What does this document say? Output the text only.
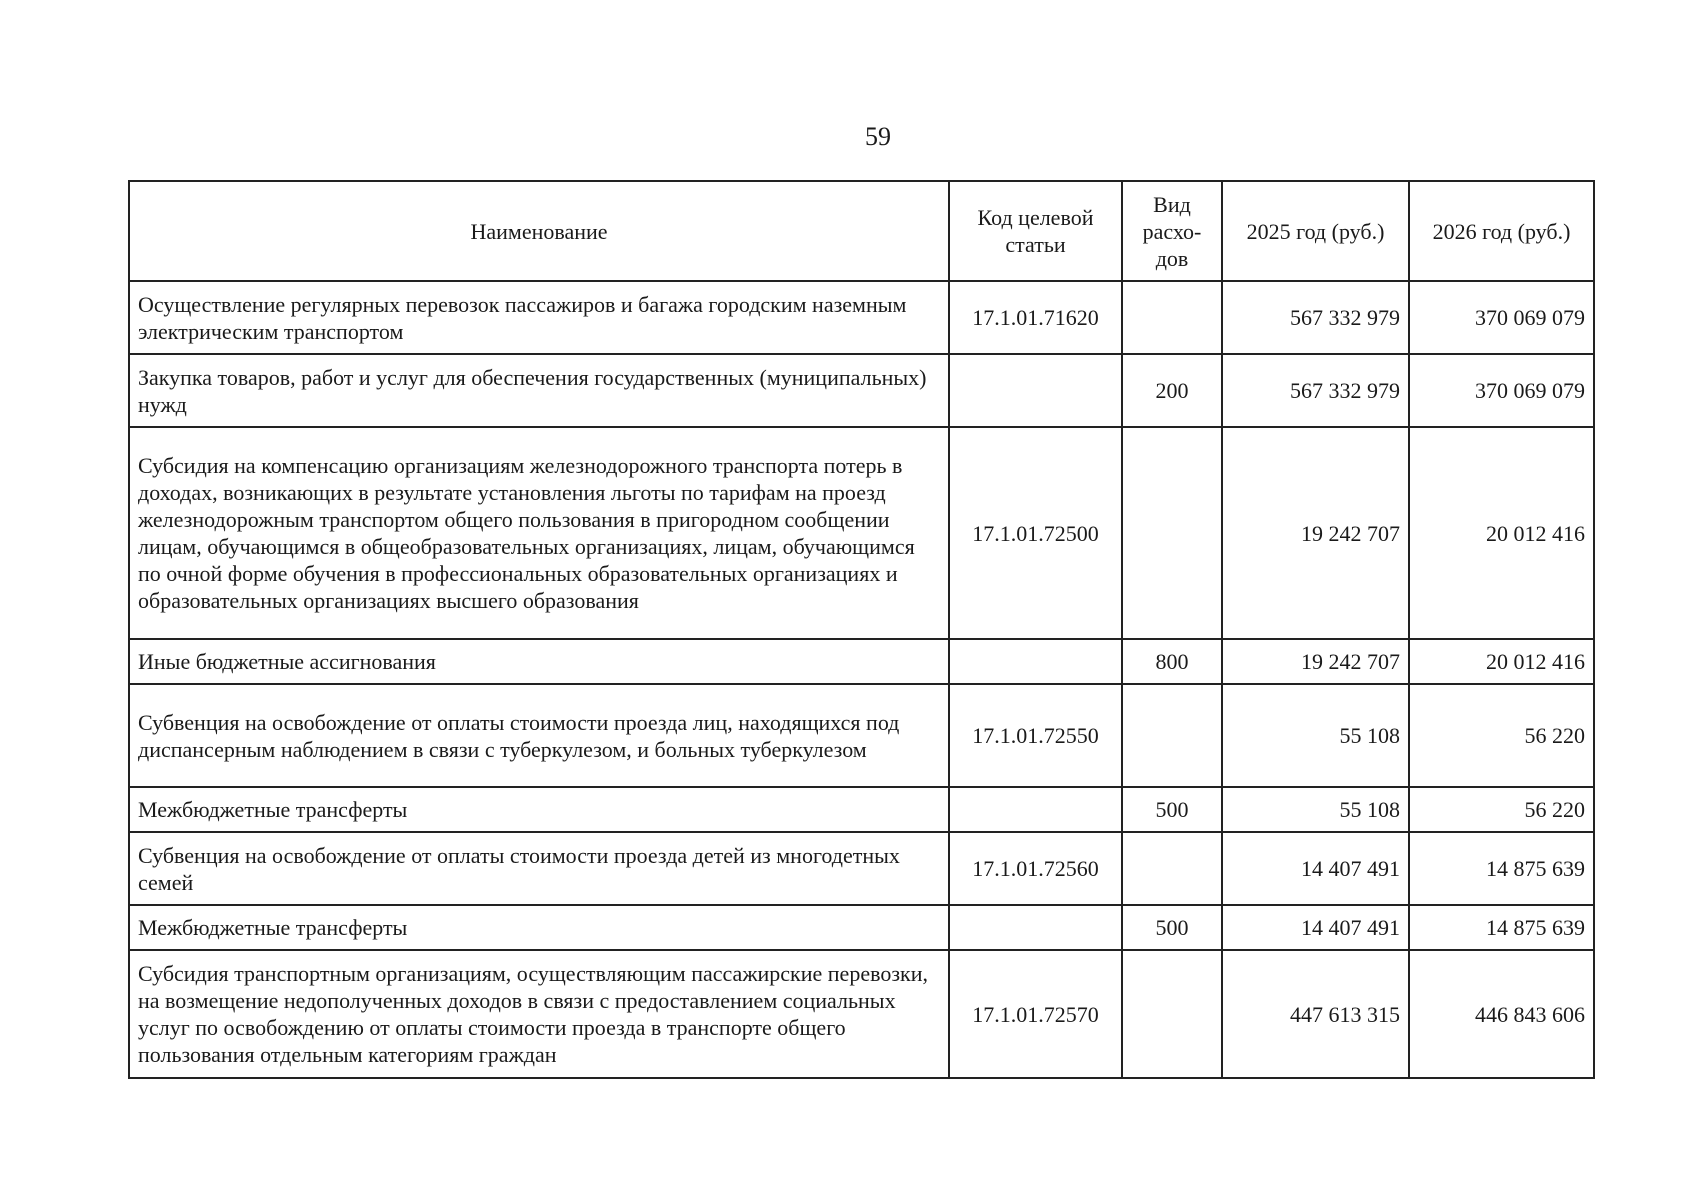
59
Наименование	Код целевой статьи	Вид расхо-дов	2025 год (руб.)	2026 год (руб.)
Осуществление регулярных перевозок пассажиров и багажа городским наземным электрическим транспортом	17.1.01.71620		567 332 979	370 069 079
Закупка товаров, работ и услуг для обеспечения государственных (муниципальных) нужд		200	567 332 979	370 069 079
Субсидия на компенсацию организациям железнодорожного транспорта потерь в доходах, возникающих в результате установления льготы по тарифам на проезд железнодорожным транспортом общего пользования в пригородном сообщении лицам, обучающимся в общеобразовательных организациях, лицам, обучающимся по очной форме обучения в профессиональных образовательных организациях и образовательных организациях высшего образования	17.1.01.72500		19 242 707	20 012 416
Иные бюджетные ассигнования		800	19 242 707	20 012 416
Субвенция на освобождение от оплаты стоимости проезда лиц, находящихся под диспансерным наблюдением в связи с туберкулезом, и больных туберкулезом	17.1.01.72550		55 108	56 220
Межбюджетные трансферты		500	55 108	56 220
Субвенция на освобождение от оплаты стоимости проезда детей из многодетных семей	17.1.01.72560		14 407 491	14 875 639
Межбюджетные трансферты		500	14 407 491	14 875 639
Субсидия транспортным организациям, осуществляющим пассажирские перевозки, на возмещение недополученных доходов в связи с предоставлением социальных услуг по освобождению от оплаты стоимости проезда в транспорте общего пользования отдельным категориям граждан	17.1.01.72570		447 613 315	446 843 606
